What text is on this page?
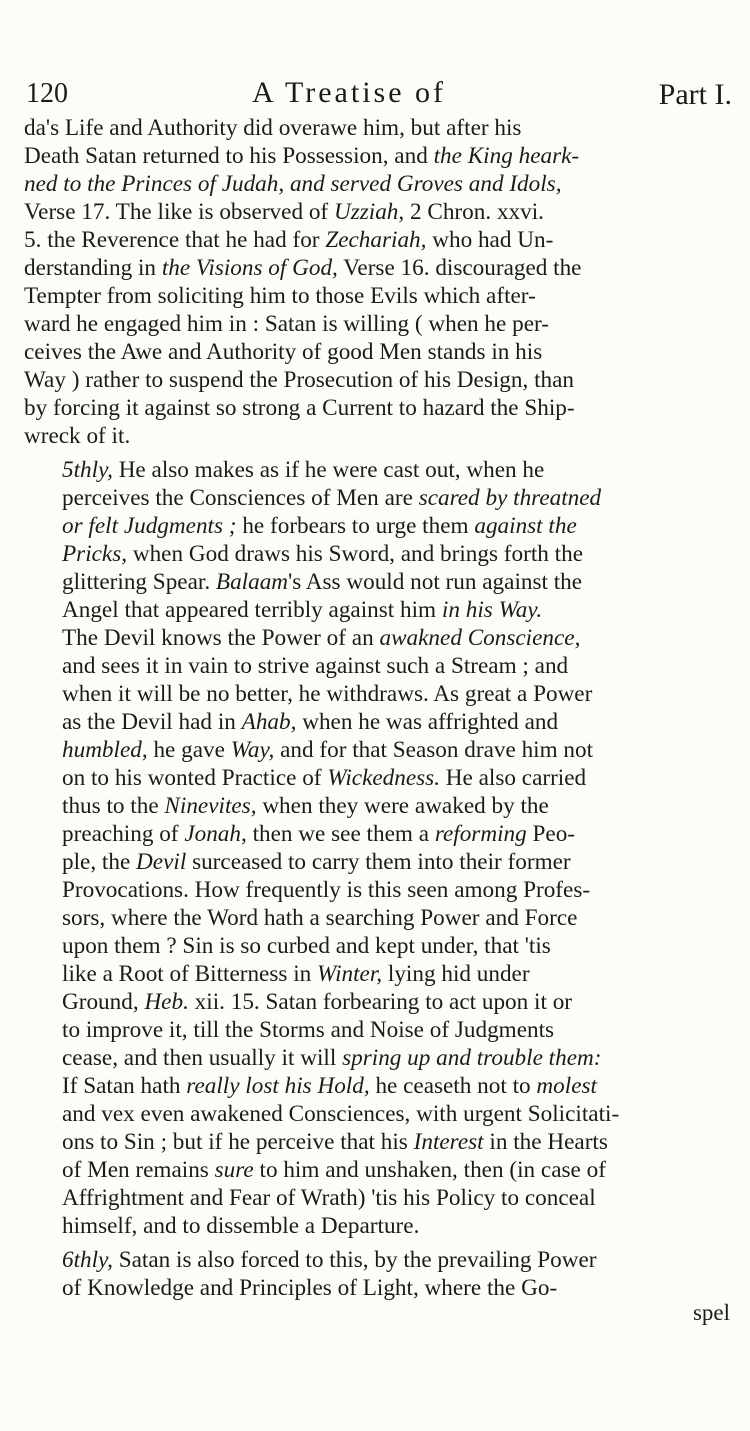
120	A Treatise of	Part I.

da's Life and Authority did overawe him, but after his
Death Satan returned to his Possession, and the King heark-
ned to the Princes of Judah, and served Groves and Idols,
Verse 17. The like is observed of Uzziah, 2 Chron. xxvi.
5. the Reverence that he had for Zechariah, who had Un-
derstanding in the Visions of God, Verse 16. discouraged the
Tempter from soliciting him to those Evils which after-
ward he engaged him in : Satan is willing ( when he per-
ceives the Awe and Authority of good Men stands in his
Way ) rather to suspend the Prosecution of his Design, than
by forcing it against so strong a Current to hazard the Ship-
wreck of it.

5thly, He also makes as if he were cast out, when he
perceives the Consciences of Men are scared by threatned
or felt Judgments ; he forbears to urge them against the
Pricks, when God draws his Sword, and brings forth the
glittering Spear. Balaam's Ass would not run against the
Angel that appeared terribly against him in his Way.
The Devil knows the Power of an awakned Conscience,
and sees it in vain to strive against such a Stream ; and
when it will be no better, he withdraws. As great a Power
as the Devil had in Ahab, when he was affrighted and
humbled, he gave Way, and for that Season drave him not
on to his wonted Practice of Wickedness. He also carried
thus to the Ninevites, when they were awaked by the
preaching of Jonah, then we see them a reforming Peo-
ple, the Devil surceased to carry them into their former
Provocations. How frequently is this seen among Profes-
sors, where the Word hath a searching Power and Force
upon them ? Sin is so curbed and kept under, that 'tis
like a Root of Bitterness in Winter, lying hid under
Ground, Heb. xii. 15. Satan forbearing to act upon it or
to improve it, till the Storms and Noise of Judgments
cease, and then usually it will spring up and trouble them:
If Satan hath really lost his Hold, he ceaseth not to molest
and vex even awakened Consciences, with urgent Solicitati-
ons to Sin ; but if he perceive that his Interest in the Hearts
of Men remains sure to him and unshaken, then (in case of
Affrightment and Fear of Wrath) 'tis his Policy to conceal
himself, and to dissemble a Departure.

6thly, Satan is also forced to this, by the prevailing Power
of Knowledge and Principles of Light, where the Go-

spel
